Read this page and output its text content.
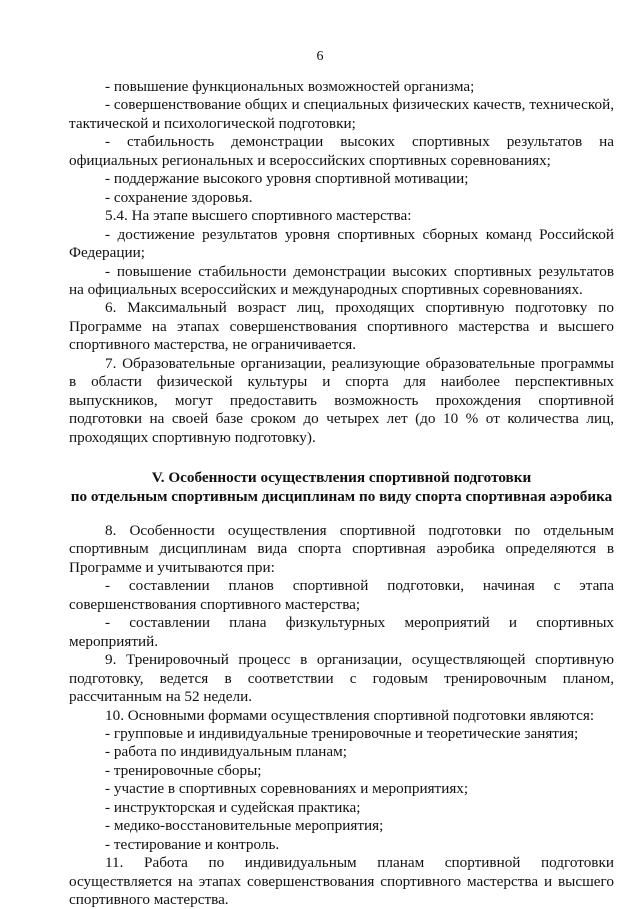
6

- повышение функциональных возможностей организма;

- совершенствование общих и специальных физических качеств, технической, тактической и психологической подготовки;

- стабильность демонстрации высоких спортивных результатов на официальных региональных и всероссийских спортивных соревнованиях;

- поддержание высокого уровня спортивной мотивации;

- сохранение здоровья.

5.4. На этапе высшего спортивного мастерства:

- достижение результатов уровня спортивных сборных команд Российской Федерации;

- повышение стабильности демонстрации высоких спортивных результатов на официальных всероссийских и международных спортивных соревнованиях.

6. Максимальный возраст лиц, проходящих спортивную подготовку по Программе на этапах совершенствования спортивного мастерства и высшего спортивного мастерства, не ограничивается.

7. Образовательные организации, реализующие образовательные программы в области физической культуры и спорта для наиболее перспективных выпускников, могут предоставить возможность прохождения спортивной подготовки на своей базе сроком до четырех лет (до 10 % от количества лиц, проходящих спортивную подготовку).

V. Особенности осуществления спортивной подготовки
по отдельным спортивным дисциплинам по виду спорта спортивная аэробика

8. Особенности осуществления спортивной подготовки по отдельным спортивным дисциплинам вида спорта спортивная аэробика определяются в Программе и учитываются при:

- составлении планов спортивной подготовки, начиная с этапа совершенствования спортивного мастерства;

- составлении плана физкультурных мероприятий и спортивных мероприятий.

9. Тренировочный процесс в организации, осуществляющей спортивную подготовку, ведется в соответствии с годовым тренировочным планом, рассчитанным на 52 недели.

10. Основными формами осуществления спортивной подготовки являются:

- групповые и индивидуальные тренировочные и теоретические занятия;

- работа по индивидуальным планам;

- тренировочные сборы;

- участие в спортивных соревнованиях и мероприятиях;

- инструкторская и судейская практика;

- медико-восстановительные мероприятия;

- тестирование и контроль.

11. Работа по индивидуальным планам спортивной подготовки осуществляется на этапах совершенствования спортивного мастерства и высшего спортивного мастерства.
